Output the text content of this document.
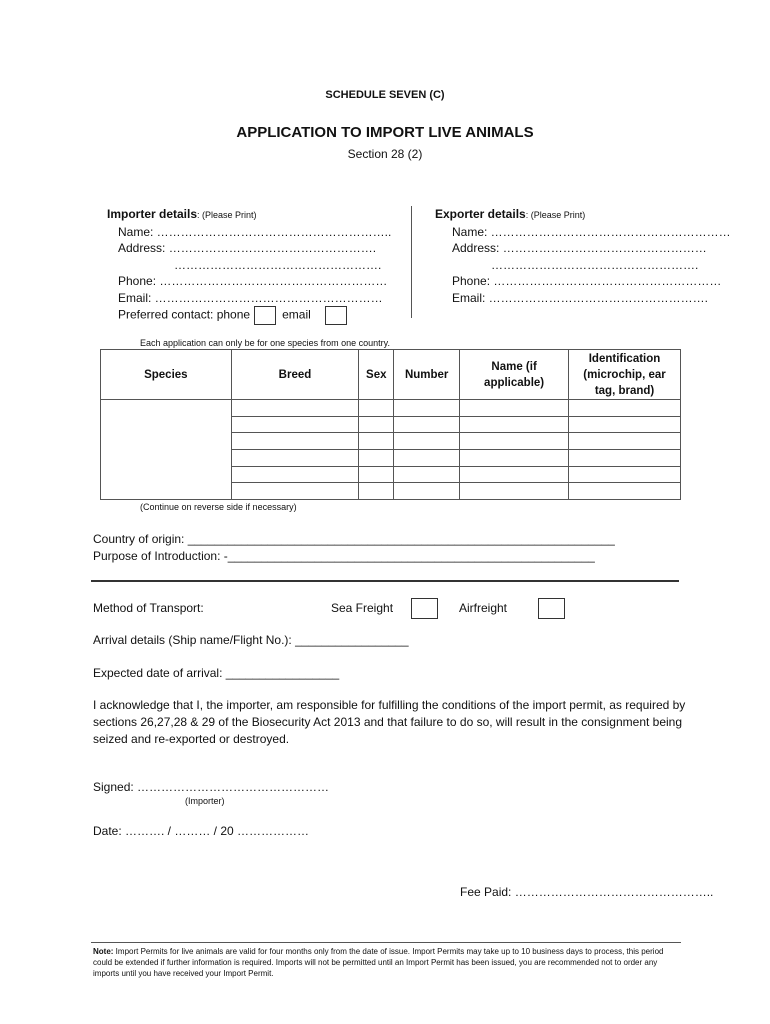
SCHEDULE SEVEN (C)
APPLICATION TO IMPORT LIVE ANIMALS
Section 28 (2)
Importer details: (Please Print)
Name: …………………………………………………..
Address: …………………………………………….
…………………………………………….
Phone: …………………………………………………
Email: …………………………………………………
Preferred contact: phone	email
Exporter details: (Please Print)
Name: ……………………………………………………
Address: ……………………………………………
…………………………………………….
Phone: …………………………………………………
Email: ……………………………………………….
Each application can only be for one species from one country.
Species	Breed	Sex	Number	Name (if applicable)	Identification (microchip, ear tag, brand)

(Continue on reverse side if necessary)
Country of origin: ________________________________________________________________
Purpose of Introduction: -_______________________________________________________
Method of Transport:	Sea Freight	Airfreight
Arrival details (Ship name/Flight No.): _________________
Expected date of arrival: _________________
I acknowledge that I, the importer, am responsible for fulfilling the conditions of the import permit, as required by sections 26,27,28 & 29 of the Biosecurity Act 2013 and that failure to do so, will result in the consignment being seized and re-exported or destroyed.
Signed: …………………………………………
(Importer)
Date: ………. / ……… / 20 ………………
Fee Paid: …………………………………………..
Note: Import Permits for live animals are valid for four months only from the date of issue. Import Permits may take up to 10 business days to process, this period could be extended if further information is required. Imports will not be permitted until an Import Permit has been issued, you are recommended not to order any imports until you have received your Import Permit.
